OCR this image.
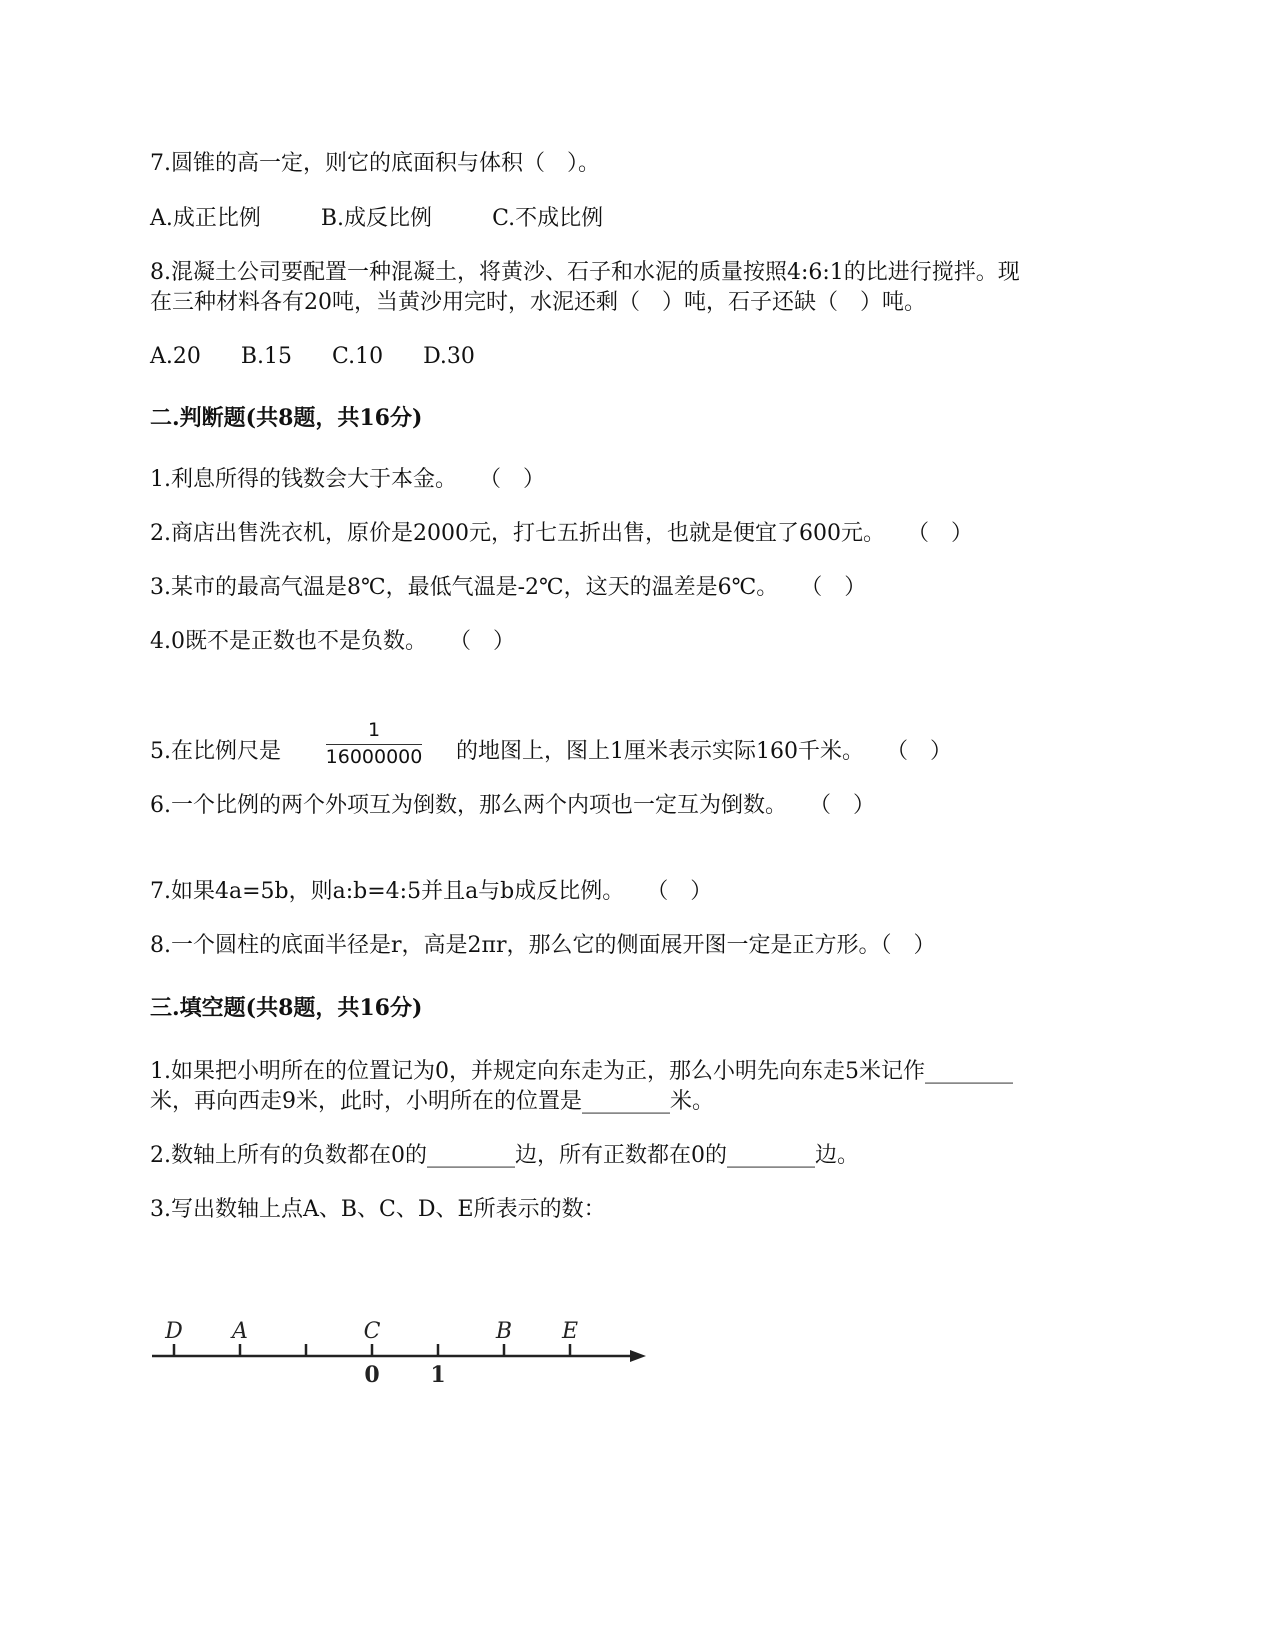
7.圆锥的高一定，则它的底面积与体积（　）。

A.成正比例	B.成反比例	C.不成比例

8.混凝土公司要配置一种混凝土，将黄沙、石子和水泥的质量按照4:6:1的比进行搅拌。现

在三种材料各有20吨，当黄沙用完时，水泥还剩（　）吨，石子还缺（　）吨。

A.20 B.15 C.10 D.30

二.判断题(共8题，共16分)

1.利息所得的钱数会大于本金。　　（　）

2.商店出售洗衣机，原价是2000元，打七五折出售，也就是便宜了600元。　　（　）

3.某市的最高气温是8℃，最低气温是-2℃，这天的温差是6℃。　　（　）

4.0既不是正数也不是负数。　　（　）

5.在比例尺是

1
16000000 的地图上，图上1厘米表示实际160千米。　　（　）

6.一个比例的两个外项互为倒数，那么两个内项也一定互为倒数。　　（　）

7.如果4a=5b，则a:b=4:5并且a与b成反比例。　　（　）

8.一个圆柱的底面半径是r，高是2πr，那么它的侧面展开图一定是正方形。（　）

三.填空题(共8题，共16分)

1.如果把小明所在的位置记为0，并规定向东走为正，那么小明先向东走5米记作________

米，再向西走9米，此时，小明所在的位置是________米。

2.数轴上所有的负数都在0的________边，所有正数都在0的________边。

3.写出数轴上点A、B、C、D、E所表示的数：

D A	C	B E
0 1
